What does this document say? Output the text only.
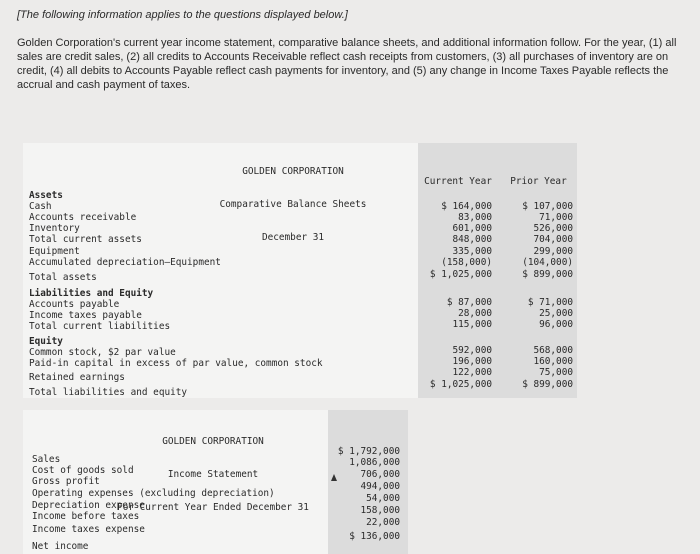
[The following information applies to the questions displayed below.]

Golden Corporation's current year income statement, comparative balance sheets, and additional information follow. For the year, (1) all sales are credit sales, (2) all credits to Accounts Receivable reflect cash receipts from customers, (3) all purchases of inventory are on credit, (4) all debits to Accounts Payable reflect cash payments for inventory, and (5) any change in Income Taxes Payable reflects the accrual and cash payment of taxes.

GOLDEN CORPORATION

Comparative Balance Sheets

December 31

Current Year	Prior Year
Assets
Cash
Accounts receivable
Inventory
Total current assets
Equipment
Accumulated depreciation—Equipment
Total assets
Liabilities and Equity
Accounts payable
Income taxes payable
Total current liabilities
Equity
Common stock, $2 par value
Paid-in capital in excess of par value, common stock
Retained earnings
Total liabilities and equity
$ 164,000
83,000
601,000
848,000
335,000
(158,000)
$ 1,025,000
$ 87,000
28,000
115,000
592,000
196,000
122,000
$ 1,025,000
$ 107,000
71,000
526,000
704,000
299,000
(104,000)
$ 899,000
$ 71,000
25,000
96,000
568,000
160,000
75,000
$ 899,000

GOLDEN CORPORATION

Income Statement

For Current Year Ended December 31

Sales
Cost of goods sold
Gross profit
Operating expenses (excluding depreciation)
Depreciation expense
Income before taxes
Income taxes expense
Net income
$ 1,792,000
1,086,000
706,000
494,000
54,000
158,000
22,000
$ 136,000
